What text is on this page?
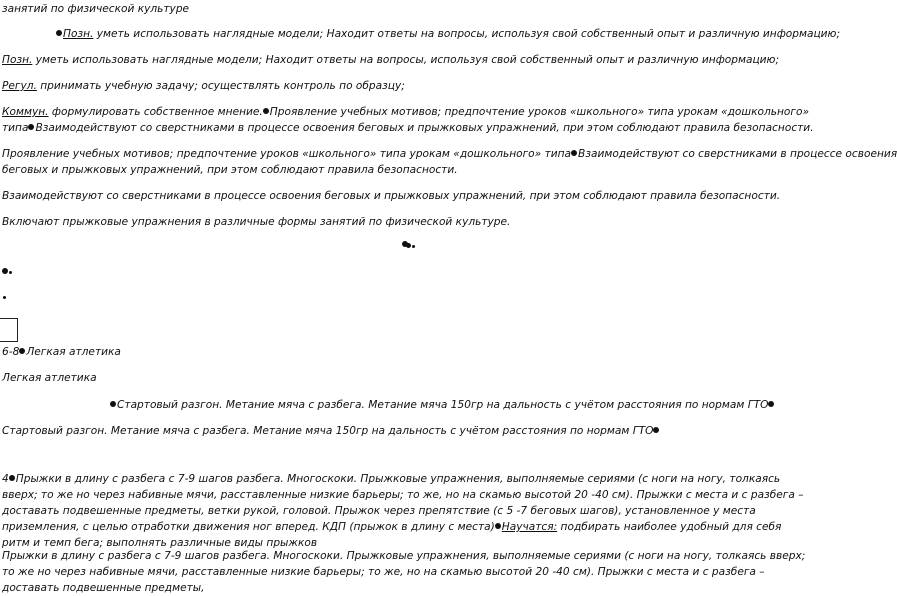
занятий по физической культуре
Позн. уметь использовать наглядные модели; Находит ответы на вопросы, используя свой собственный опыт и различную информацию;
Позн. уметь использовать наглядные модели; Находит ответы на вопросы, используя свой собственный опыт и различную информацию;
Регул. принимать учебную задачу; осуществлять контроль по образцу;
Коммун. формулировать собственное мнение. Проявление учебных мотивов; предпочтение уроков «школьного» типа урокам «дошкольного»
типа Взаимодействуют со сверстниками в процессе освоения беговых и прыжковых упражнений, при этом соблюдают правила безопасности.
Проявление учебных мотивов; предпочтение уроков «школьного» типа урокам «дошкольного» типа Взаимодействуют со сверстниками в процессе освоения
беговых и прыжковых упражнений, при этом соблюдают правила безопасности.
Взаимодействуют со сверстниками в процессе освоения беговых и прыжковых упражнений, при этом соблюдают правила безопасности.
Включают прыжковые упражнения в различные формы занятий по физической культуре.
6-8 Легкая атлетика
Легкая атлетика
Стартовый разгон. Метание мяча с разбега. Метание мяча 150гр на дальность с учётом расстояния по нормам ГТО
Стартовый разгон. Метание мяча с разбега. Метание мяча 150гр на дальность с учётом расстояния по нормам ГТО
4 Прыжки в длину с разбега с 7-9 шагов разбега. Многоскоки. Прыжковые упражнения, выполняемые сериями (с ноги на ногу, толкаясь вверх; то же но через набивные мячи, расставленные низкие барьеры; то же, но на скамью высотой 20 -40 см). Прыжки с места и с разбега – доставать подвешенные предметы, ветки рукой, головой. Прыжок через препятствие (с 5 -7 беговых шагов), установленное у места приземления, с целью отработки движения ног вперед. КДП (прыжок в длину с места) Научатся: подбирать наиболее удобный для себя ритм и темп бега; выполнять различные виды прыжков
Прыжки в длину с разбега с 7-9 шагов разбега. Многоскоки. Прыжковые упражнения, выполняемые сериями (с ноги на ногу, толкаясь вверх; то же но через набивные мячи, расставленные низкие барьеры; то же, но на скамью высотой 20 -40 см). Прыжки с места и с разбега – доставать подвешенные предметы,
